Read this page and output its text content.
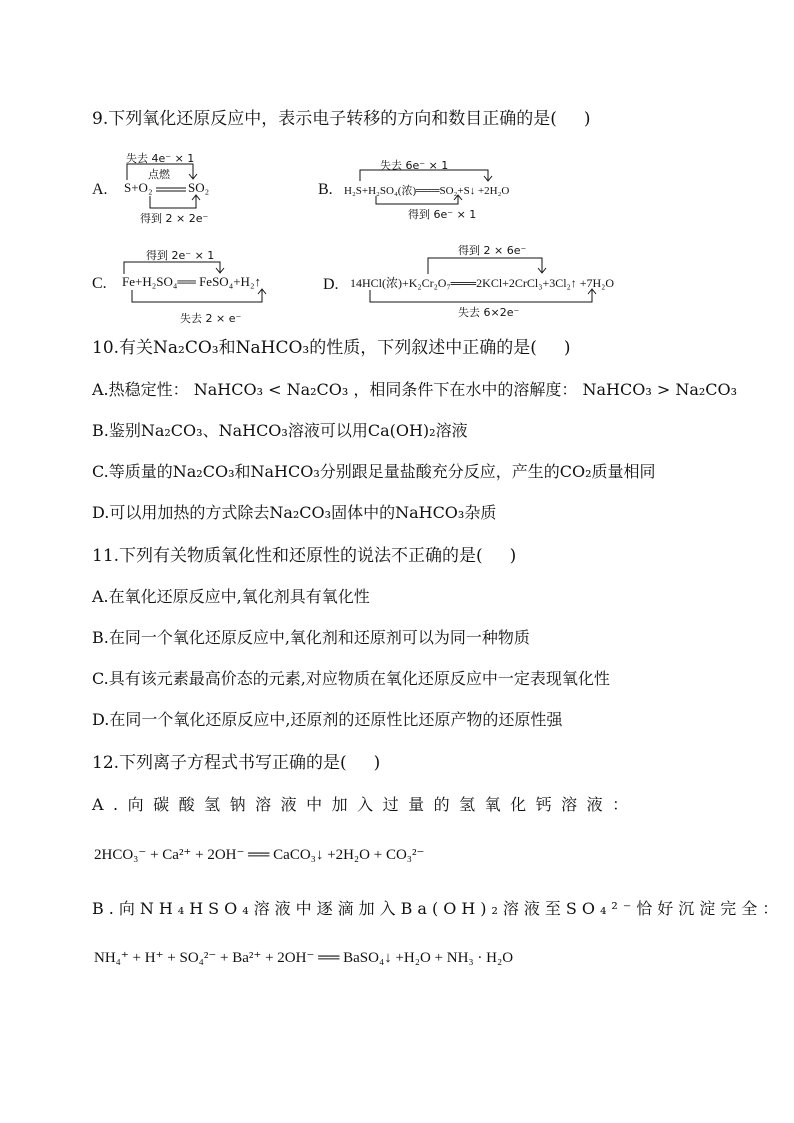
9.下列氧化还原反应中，表示电子转移的方向和数目正确的是(     )
A.
失去 4e⁻ × 1
点燃
S+O₂	SO₂
得到 2 × 2e⁻
B.
失去 6e⁻ × 1
H₂S+H₂SO₄(浓)═══SO₂+S↓ +2H₂O
得到 6e⁻ × 1
C.
得到 2e⁻ × 1
Fe+H₂SO₄══ FeSO₄+H₂↑
失去 2 × e⁻
D.
得到 2 × 6e⁻
14HCl(浓)+K₂Cr₂O₇═══2KCl+2CrCl₃+3Cl₂↑ +7H₂O
失去 6×2e⁻
10.有关Na₂CO₃和NaHCO₃的性质，下列叙述中正确的是(     )
A.热稳定性： NaHCO₃ < Na₂CO₃ ，相同条件下在水中的溶解度： NaHCO₃ > Na₂CO₃
B.鉴别Na₂CO₃、NaHCO₃溶液可以用Ca(OH)₂溶液
C.等质量的Na₂CO₃和NaHCO₃分别跟足量盐酸充分反应，产生的CO₂质量相同
D.可以用加热的方式除去Na₂CO₃固体中的NaHCO₃杂质
11.下列有关物质氧化性和还原性的说法不正确的是(     )
A.在氧化还原反应中,氧化剂具有氧化性
B.在同一个氧化还原反应中,氧化剂和还原剂可以为同一种物质
C.具有该元素最高价态的元素,对应物质在氧化还原反应中一定表现氧化性
D.在同一个氧化还原反应中,还原剂的还原性比还原产物的还原性强
12.下列离子方程式书写正确的是(     )
A.向碳酸氢钠溶液中加入过量的氢氧化钙溶液：
2HCO₃⁻ + Ca²⁺ + 2OH⁻ ══ CaCO₃↓ +2H₂O + CO₃²⁻
B.向NH₄HSO₄溶液中逐滴加入Ba(OH)₂溶液至SO₄²⁻恰好沉淀完全：
NH₄⁺ + H⁺ + SO₄²⁻ + Ba²⁺ + 2OH⁻ ══ BaSO₄↓ +H₂O + NH₃ · H₂O
